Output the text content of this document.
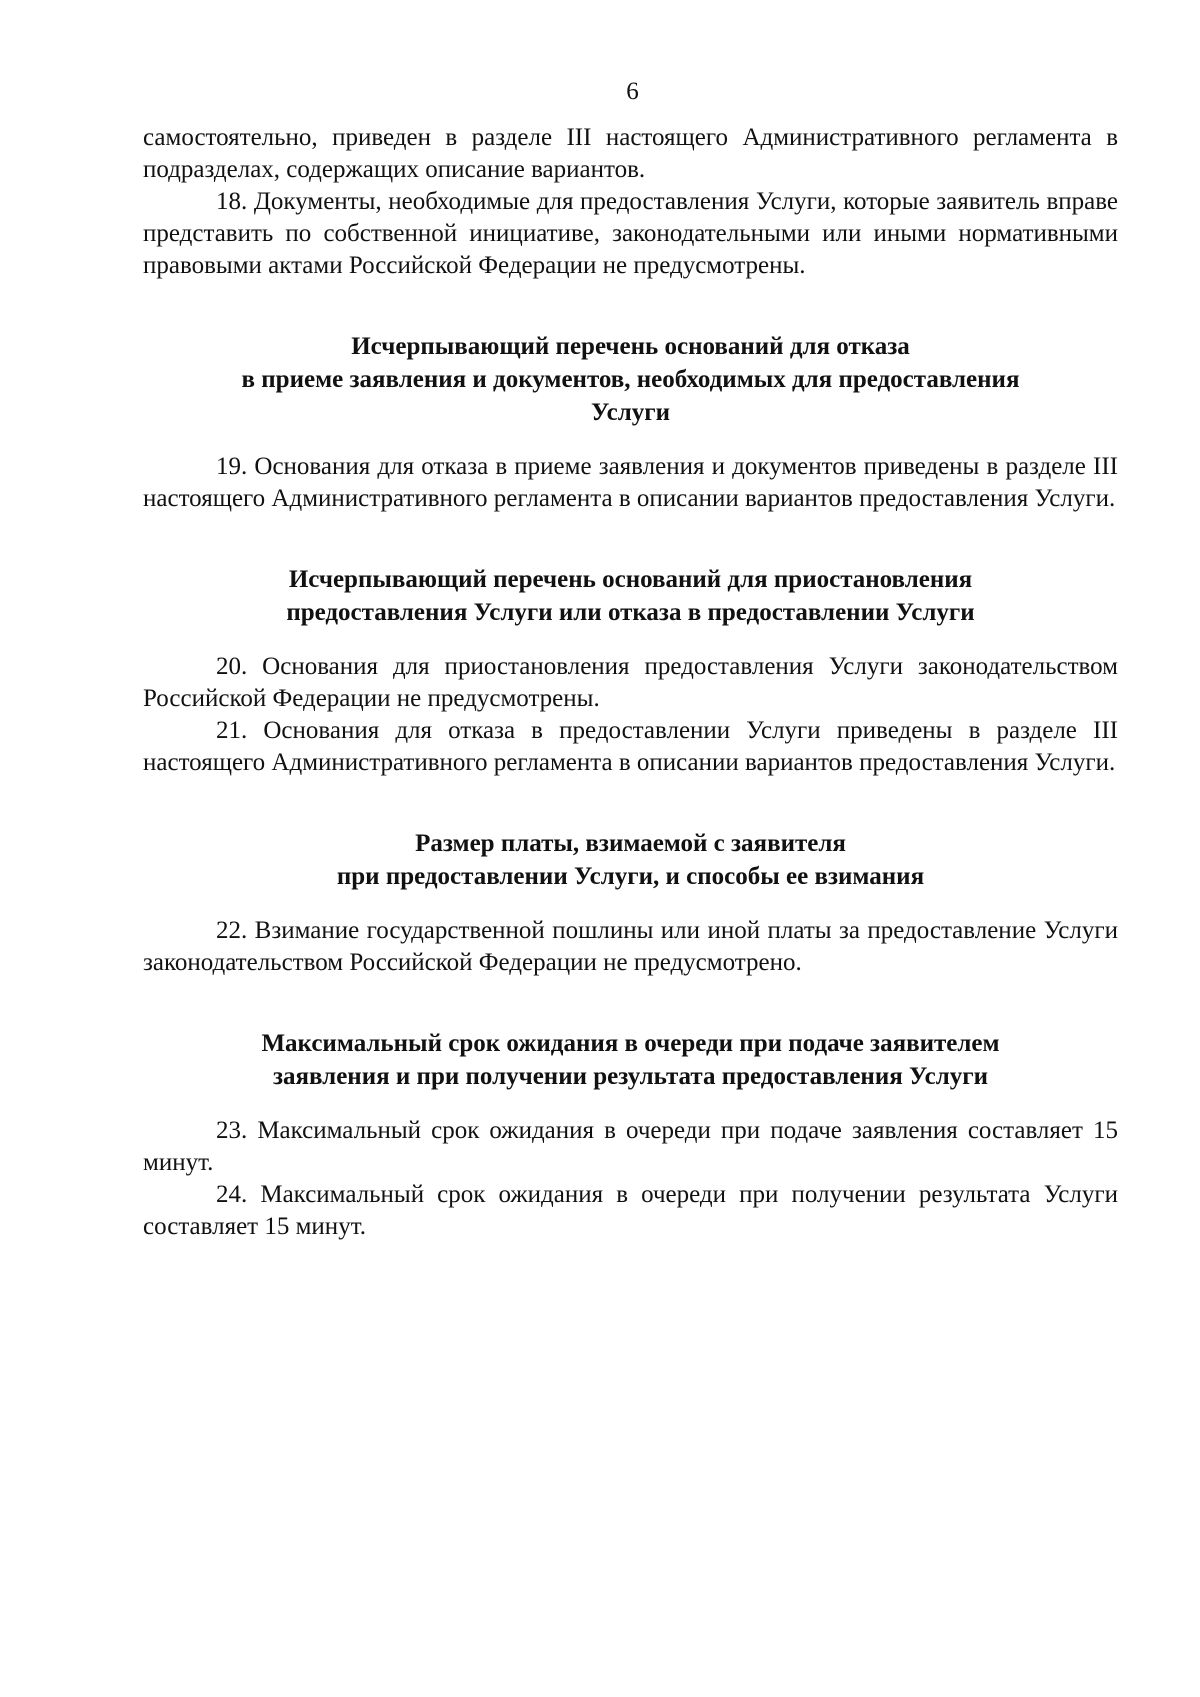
6

самостоятельно, приведен в разделе III настоящего Административного регламента в подразделах, содержащих описание вариантов.

18. Документы, необходимые для предоставления Услуги, которые заявитель вправе представить по собственной инициативе, законодательными или иными нормативными правовыми актами Российской Федерации не предусмотрены.

Исчерпывающий перечень оснований для отказа
в приеме заявления и документов, необходимых для предоставления
Услуги

19. Основания для отказа в приеме заявления и документов приведены в разделе III настоящего Административного регламента в описании вариантов предоставления Услуги.

Исчерпывающий перечень оснований для приостановления
предоставления Услуги или отказа в предоставлении Услуги

20. Основания для приостановления предоставления Услуги законодательством Российской Федерации не предусмотрены.

21. Основания для отказа в предоставлении Услуги приведены в разделе III настоящего Административного регламента в описании вариантов предоставления Услуги.

Размер платы, взимаемой с заявителя
при предоставлении Услуги, и способы ее взимания

22. Взимание государственной пошлины или иной платы за предоставление Услуги законодательством Российской Федерации не предусмотрено.

Максимальный срок ожидания в очереди при подаче заявителем
заявления и при получении результата предоставления Услуги

23. Максимальный срок ожидания в очереди при подаче заявления составляет 15 минут.

24. Максимальный срок ожидания в очереди при получении результата Услуги составляет 15 минут.
